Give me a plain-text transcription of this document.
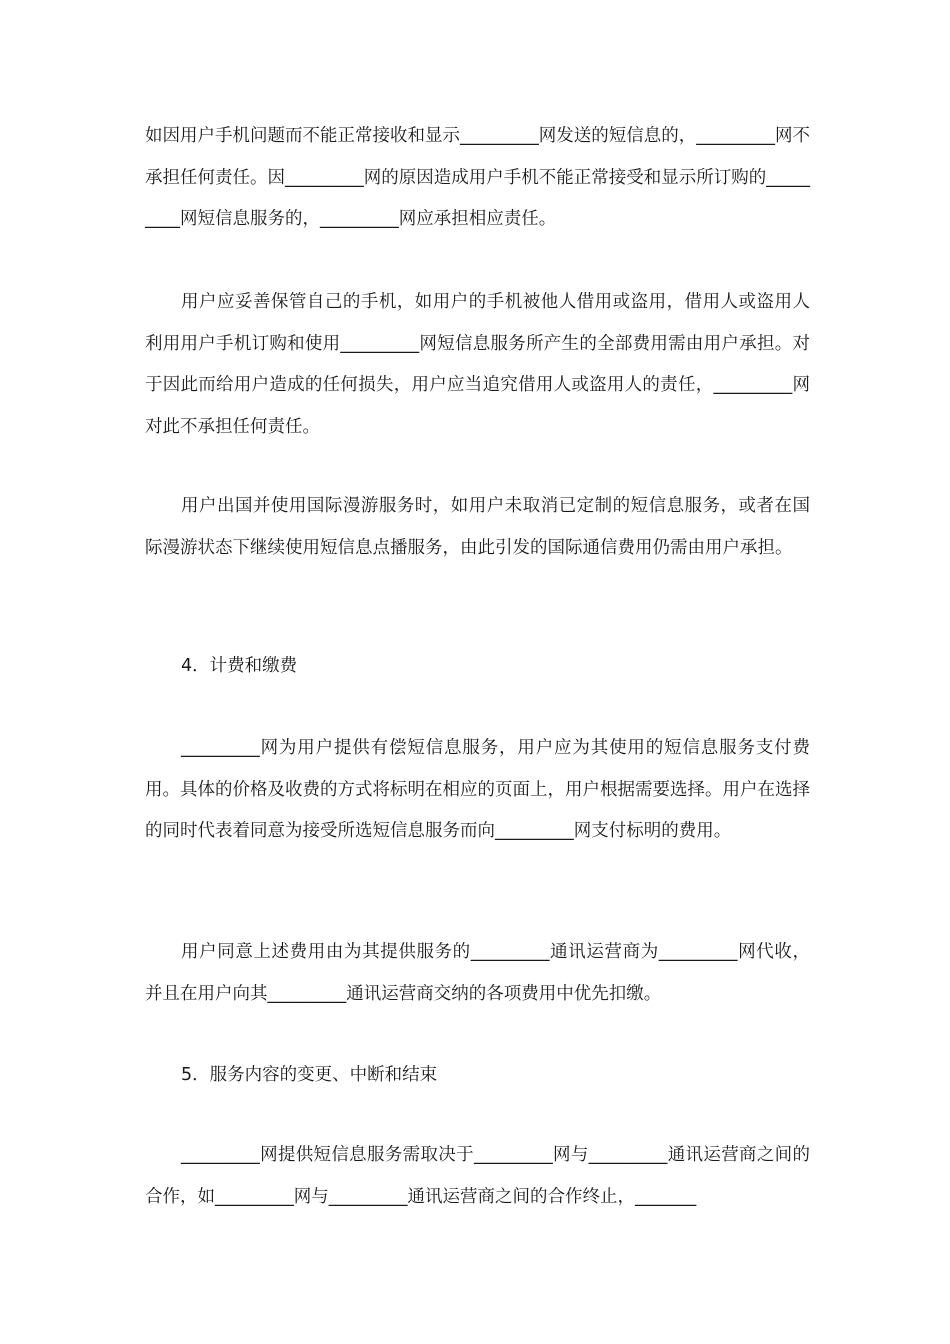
如因用户手机问题而不能正常接收和显示_________网发送的短信息的，_________网不承担任何责任。因_________网的原因造成用户手机不能正常接受和显示所订购的_________网短信息服务的，_________网应承担相应责任。

用户应妥善保管自己的手机，如用户的手机被他人借用或盗用，借用人或盗用人利用用户手机订购和使用_________网短信息服务所产生的全部费用需由用户承担。对于因此而给用户造成的任何损失，用户应当追究借用人或盗用人的责任，_________网对此不承担任何责任。

用户出国并使用国际漫游服务时，如用户未取消已定制的短信息服务，或者在国际漫游状态下继续使用短信息点播服务，由此引发的国际通信费用仍需由用户承担。

4．计费和缴费

_________网为用户提供有偿短信息服务，用户应为其使用的短信息服务支付费用。具体的价格及收费的方式将标明在相应的页面上，用户根据需要选择。用户在选择的同时代表着同意为接受所选短信息服务而向_________网支付标明的费用。

用户同意上述费用由为其提供服务的_________通讯运营商为_________网代收，并且在用户向其_________通讯运营商交纳的各项费用中优先扣缴。

5．服务内容的变更、中断和结束

_________网提供短信息服务需取决于_________网与_________通讯运营商之间的合作，如_________网与_________通讯运营商之间的合作终止，_______
